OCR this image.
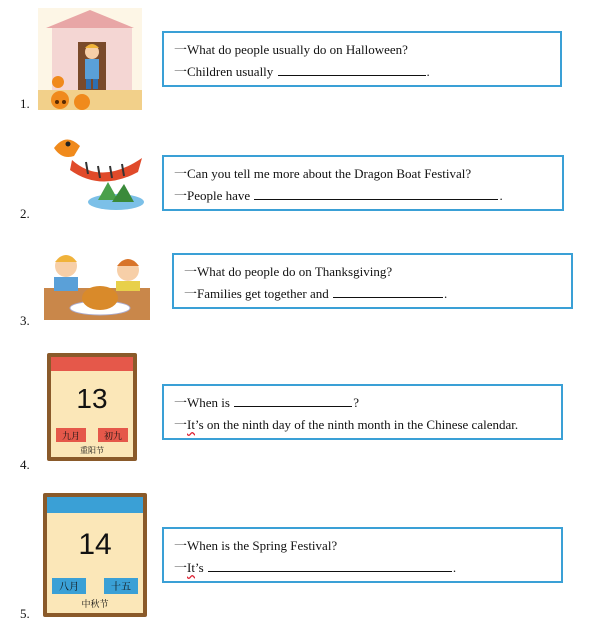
1.
一What do people usually do on Halloween?
一Children usually	.
2.
一Can you tell me more about the Dragon Boat Festival?
一People have	.
3.
一What do people do on Thanksgiving?
一Families get together and	.
4.
13
九月	初九
重阳节
一When is	?
一It’s on the ninth day of the ninth month in the Chinese calendar.
5.
14
八月	十五
中秋节
一When is the Spring Festival?
一It’s	.
